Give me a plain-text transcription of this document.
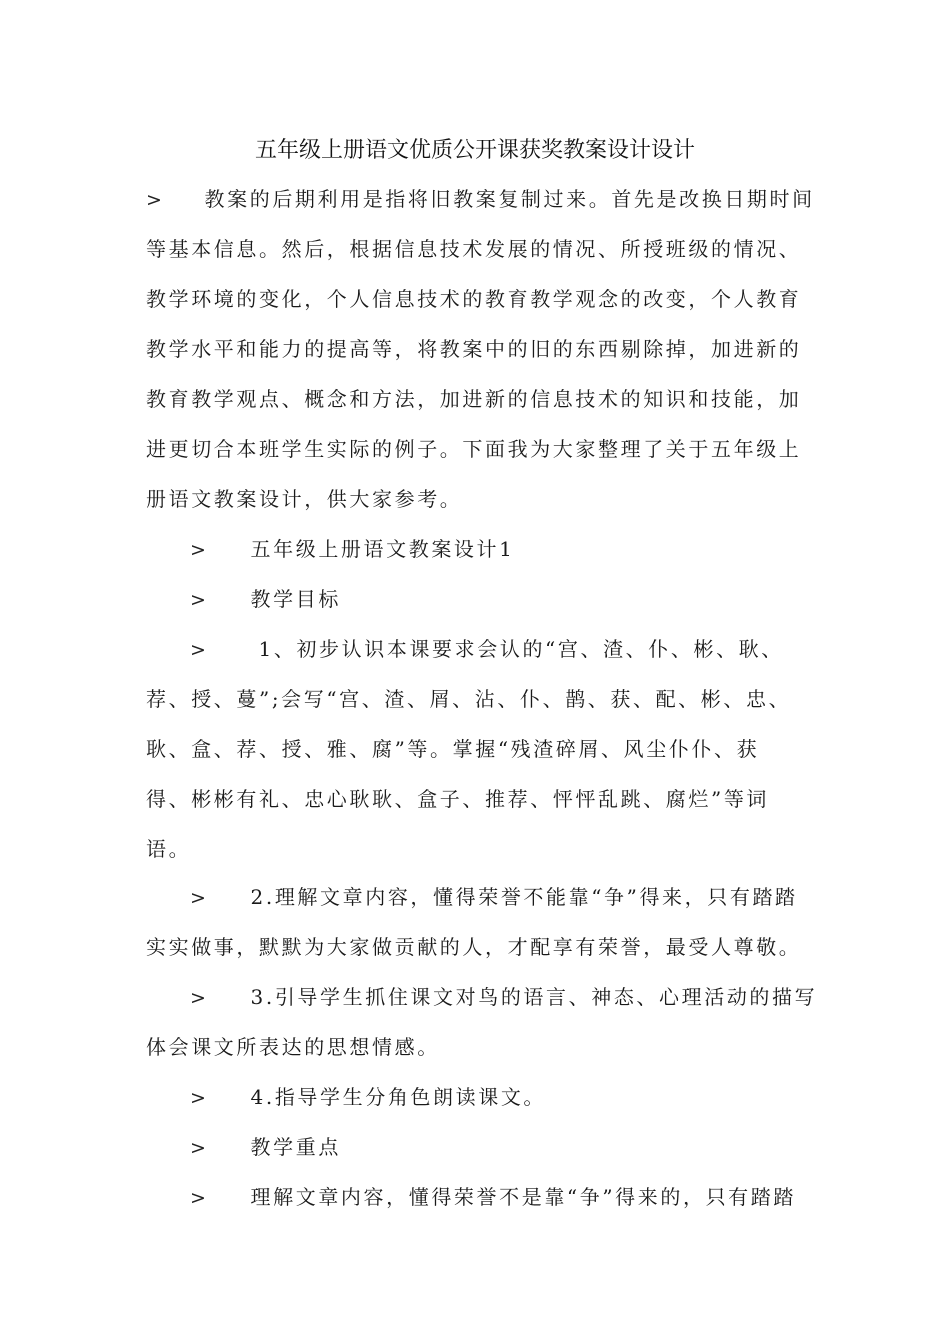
五年级上册语文优质公开课获奖教案设计设计
> 教案的后期利用是指将旧教案复制过来。首先是改换日期时间
等基本信息。然后，根据信息技术发展的情况、所授班级的情况、
教学环境的变化，个人信息技术的教育教学观念的改变，个人教育
教学水平和能力的提高等，将教案中的旧的东西剔除掉，加进新的
教育教学观点、概念和方法，加进新的信息技术的知识和技能，加
进更切合本班学生实际的例子。下面我为大家整理了关于五年级上
册语文教案设计，供大家参考。
> 五年级上册语文教案设计1
> 教学目标
>	1、初步认识本课要求会认的“宫、渣、仆、彬、耿、
荐、授、蔓”;会写“宫、渣、屑、沾、仆、鹊、获、配、彬、忠、
耿、盒、荐、授、雅、腐”等。掌握“残渣碎屑、风尘仆仆、获
得、彬彬有礼、忠心耿耿、盒子、推荐、怦怦乱跳、腐烂”等词
语。
> 2.理解文章内容，懂得荣誉不能靠“争”得来，只有踏踏
实实做事，默默为大家做贡献的人，才配享有荣誉，最受人尊敬。
> 3.引导学生抓住课文对鸟的语言、神态、心理活动的描写
体会课文所表达的思想情感。
> 4.指导学生分角色朗读课文。
> 教学重点
> 理解文章内容，懂得荣誉不是靠“争”得来的，只有踏踏
